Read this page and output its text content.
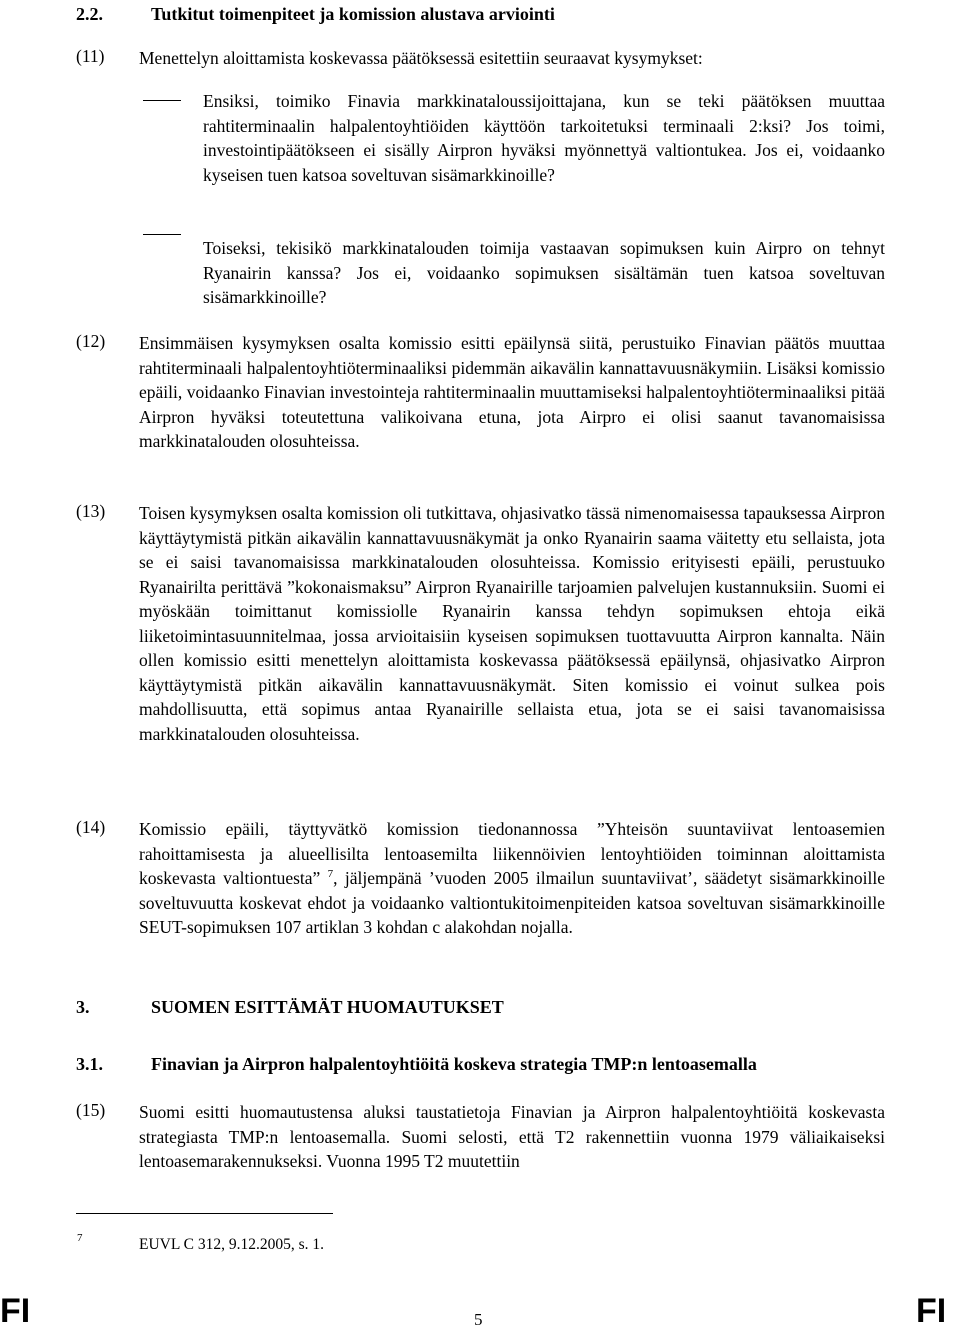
2.2.	Tutkitut toimenpiteet ja komission alustava arviointi
(11) Menettelyn aloittamista koskevassa päätöksessä esitettiin seuraavat kysymykset:
Ensiksi, toimiko Finavia markkinataloussijoittajana, kun se teki päätöksen muuttaa rahtiterminaalin halpalentoyhtiöiden käyttöön tarkoitetuksi terminaali 2:ksi? Jos toimi, investointipäätökseen ei sisälly Airpron hyväksi myönnettyä valtiontukea. Jos ei, voidaanko kyseisen tuen katsoa soveltuvan sisämarkkinoille?
Toiseksi, tekisikö markkinatalouden toimija vastaavan sopimuksen kuin Airpro on tehnyt Ryanairin kanssa? Jos ei, voidaanko sopimuksen sisältämän tuen katsoa soveltuvan sisämarkkinoille?
(12) Ensimmäisen kysymyksen osalta komissio esitti epäilynsä siitä, perustuiko Finavian päätös muuttaa rahtiterminaali halpalentoyhtiöterminaaliksi pidemmän aikavälin kannattavuusnäkymiin. Lisäksi komissio epäili, voidaanko Finavian investointeja rahtiterminaalin muuttamiseksi halpalentoyhtiöterminaaliksi pitää Airpron hyväksi toteutettuna valikoivana etuna, jota Airpro ei olisi saanut tavanomaisissa markkinatalouden olosuhteissa.
(13) Toisen kysymyksen osalta komission oli tutkittava, ohjasivatko tässä nimenomaisessa tapauksessa Airpron käyttäytymistä pitkän aikavälin kannattavuusnäkymät ja onko Ryanairin saama väitetty etu sellaista, jota se ei saisi tavanomaisissa markkinatalouden olosuhteissa. Komissio erityisesti epäili, perustuuko Ryanairilta perittävä ”kokonaismaksu” Airpron Ryanairille tarjoamien palvelujen kustannuksiin. Suomi ei myöskään toimittanut komissiolle Ryanairin kanssa tehdyn sopimuksen ehtoja eikä liiketoimintasuunnitelmaa, jossa arvioitaisiin kyseisen sopimuksen tuottavuutta Airpron kannalta. Näin ollen komissio esitti menettelyn aloittamista koskevassa päätöksessä epäilynsä, ohjasivatko Airpron käyttäytymistä pitkän aikavälin kannattavuusnäkymät. Siten komissio ei voinut sulkea pois mahdollisuutta, että sopimus antaa Ryanairille sellaista etua, jota se ei saisi tavanomaisissa markkinatalouden olosuhteissa.
(14) Komissio epäili, täyttyvätkö komission tiedonannossa ”Yhteisön suuntaviivat lentoasemien rahoittamisesta ja alueellisilta lentoasemilta liikennöivien lentoyhtiöiden toiminnan aloittamista koskevasta valtiontuesta” $^7$, jäljempänä ’vuoden 2005 ilmailun suuntaviivat’, säädetyt sisämarkkinoille soveltuvuutta koskevat ehdot ja voidaanko valtiontukitoimenpiteiden katsoa soveltuvan sisämarkkinoille SEUT-sopimuksen 107 artiklan 3 kohdan c alakohdan nojalla.
3.	SUOMEN ESITTÄMÄT HUOMAUTUKSET
3.1.	Finavian ja Airpron halpalentoyhtiöitä koskeva strategia TMP:n lentoasemalla
(15) Suomi esitti huomautustensa aluksi taustatietoja Finavian ja Airpron halpalentoyhtiöitä koskevasta strategiasta TMP:n lentoasemalla. Suomi selosti, että T2 rakennettiin vuonna 1979 väliaikaiseksi lentoasemarakennukseksi. Vuonna 1995 T2 muutettiin
7	EUVL C 312, 9.12.2005, s. 1.
FI	5	FI
